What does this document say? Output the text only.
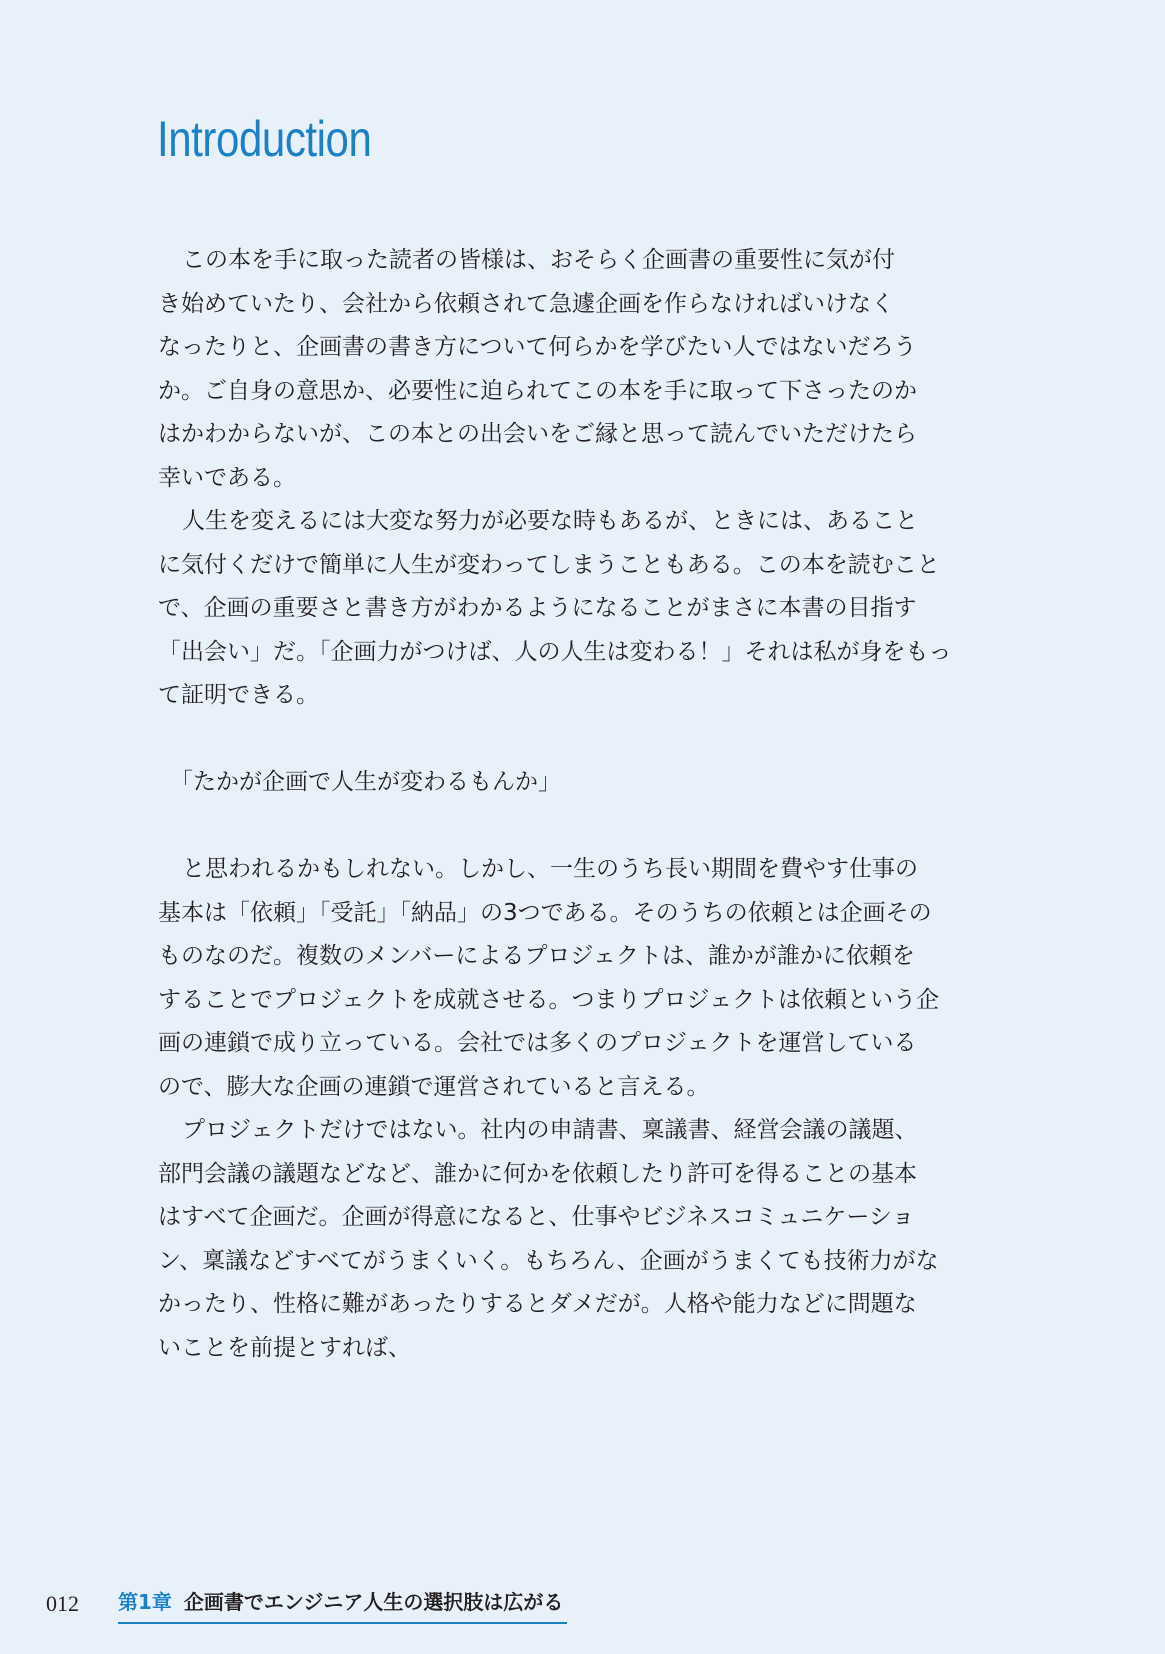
Introduction
この本を手に取った読者の皆様は、おそらく企画書の重要性に気が付
き始めていたり、会社から依頼されて急遽企画を作らなければいけなく
なったりと、企画書の書き方について何らかを学びたい人ではないだろう
か。ご自身の意思か、必要性に迫られてこの本を手に取って下さったのか
はかわからないが、この本との出会いをご縁と思って読んでいただけたら
幸いである。
人生を変えるには大変な努力が必要な時もあるが、ときには、あること
に気付くだけで簡単に人生が変わってしまうこともある。この本を読むこと
で、企画の重要さと書き方がわかるようになることがまさに本書の目指す
「出会い」だ。「企画力がつけば、人の人生は変わる！」それは私が身をもっ
て証明できる。
「たかが企画で人生が変わるもんか」
と思われるかもしれない。しかし、一生のうち長い期間を費やす仕事の
基本は「依頼」「受託」「納品」の3つである。そのうちの依頼とは企画その
ものなのだ。複数のメンバーによるプロジェクトは、誰かが誰かに依頼を
することでプロジェクトを成就させる。つまりプロジェクトは依頼という企
画の連鎖で成り立っている。会社では多くのプロジェクトを運営している
ので、膨大な企画の連鎖で運営されていると言える。
プロジェクトだけではない。社内の申請書、稟議書、経営会議の議題、
部門会議の議題などなど、誰かに何かを依頼したり許可を得ることの基本
はすべて企画だ。企画が得意になると、仕事やビジネスコミュニケーショ
ン、稟議などすべてがうまくいく。もちろん、企画がうまくても技術力がな
かったり、性格に難があったりするとダメだが。人格や能力などに問題な
いことを前提とすれば、
012	第1章 企画書でエンジニア人生の選択肢は広がる
